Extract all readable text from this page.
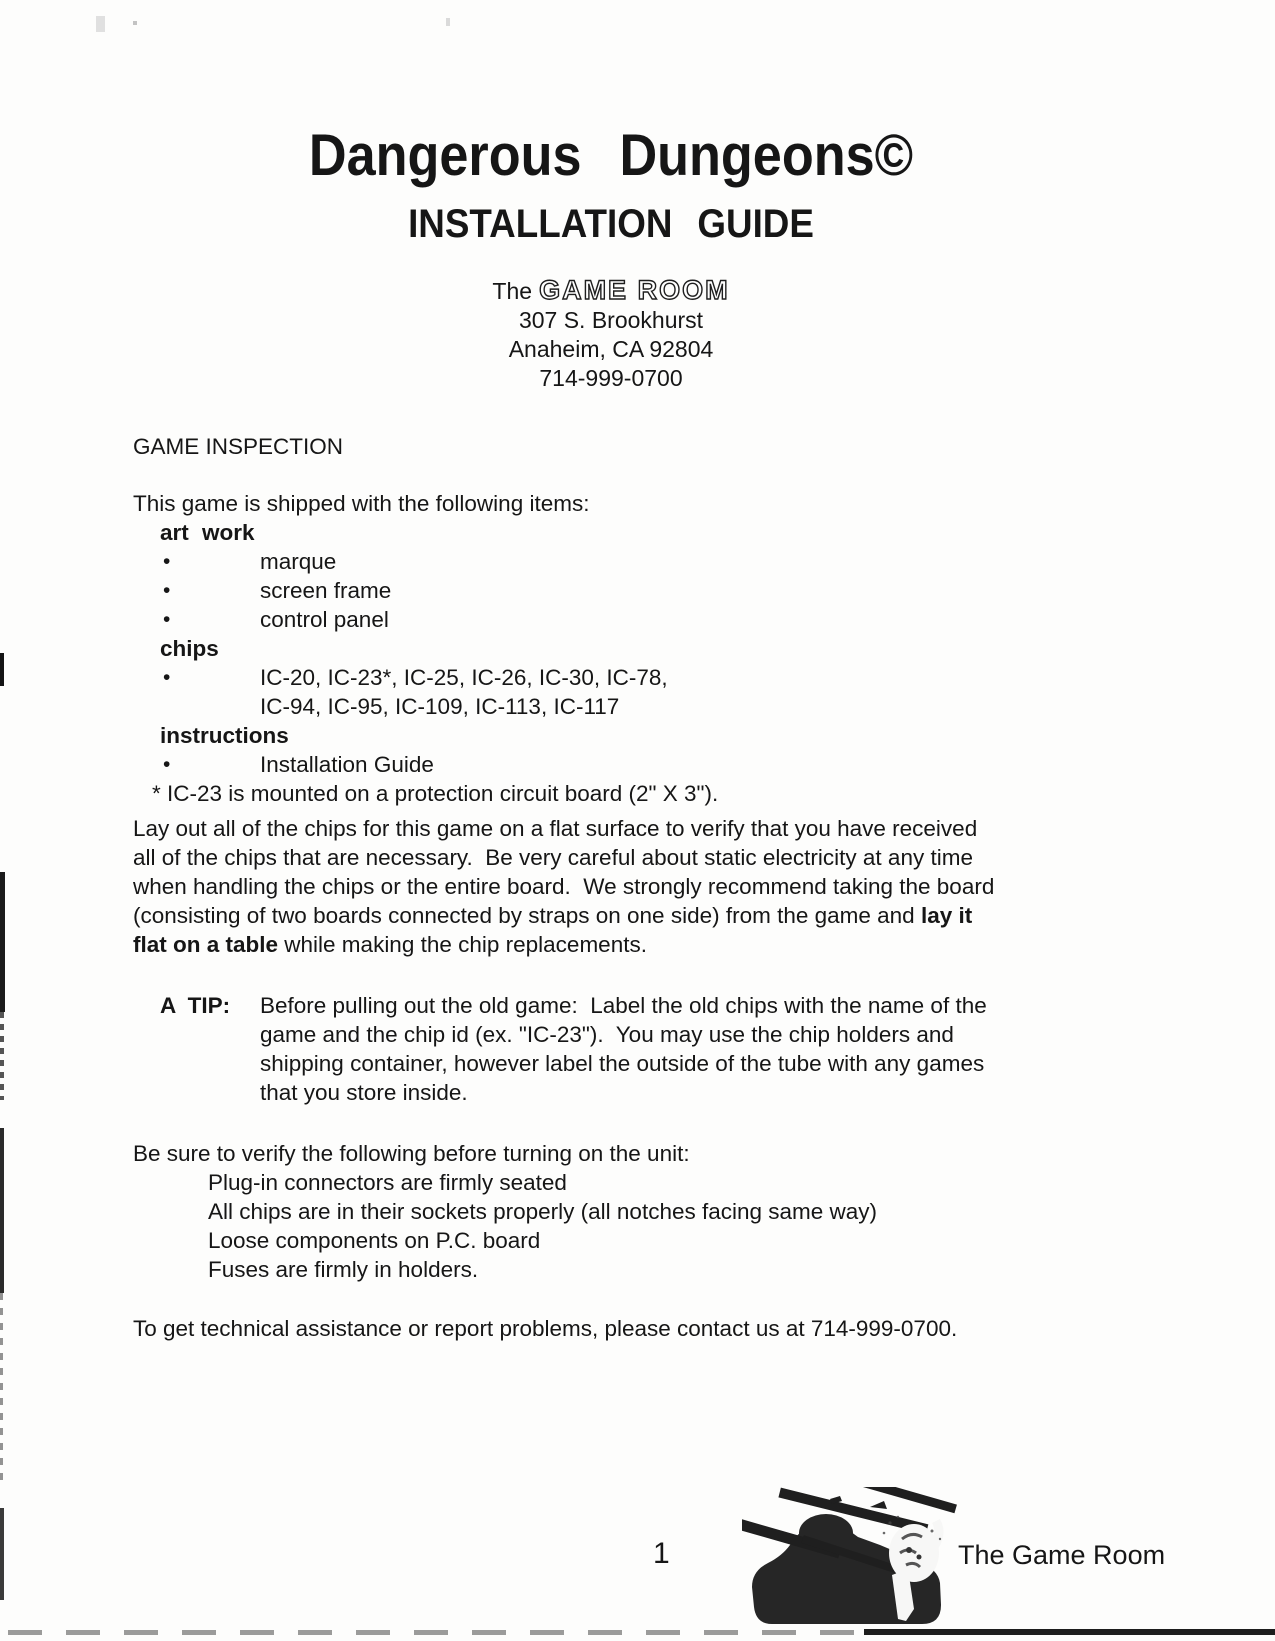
Dangerous Dungeons©
INSTALLATION GUIDE
The GAME ROOM
307 S. Brookhurst
Anaheim, CA 92804
714-999-0700
GAME INSPECTION
This game is shipped with the following items:
art work
•	marque
•	screen frame
•	control panel
chips
•	IC-20, IC-23*, IC-25, IC-26, IC-30, IC-78,
IC-94, IC-95, IC-109, IC-113, IC-117
instructions
•	Installation Guide
* IC-23 is mounted on a protection circuit board (2" X 3").
Lay out all of the chips for this game on a flat surface to verify that you have received
all of the chips that are necessary.  Be very careful about static electricity at any time
when handling the chips or the entire board.  We strongly recommend taking the board
(consisting of two boards connected by straps on one side) from the game and lay it
flat on a table while making the chip replacements.
A TIP:	Before pulling out the old game:  Label the old chips with the name of the
game and the chip id (ex. "IC-23").  You may use the chip holders and
shipping container, however label the outside of the tube with any games
that you store inside.
Be sure to verify the following before turning on the unit:
Plug-in connectors are firmly seated
All chips are in their sockets properly (all notches facing same way)
Loose components on P.C. board
Fuses are firmly in holders.
To get technical assistance or report problems, please contact us at 714-999-0700.
1	The Game Room
